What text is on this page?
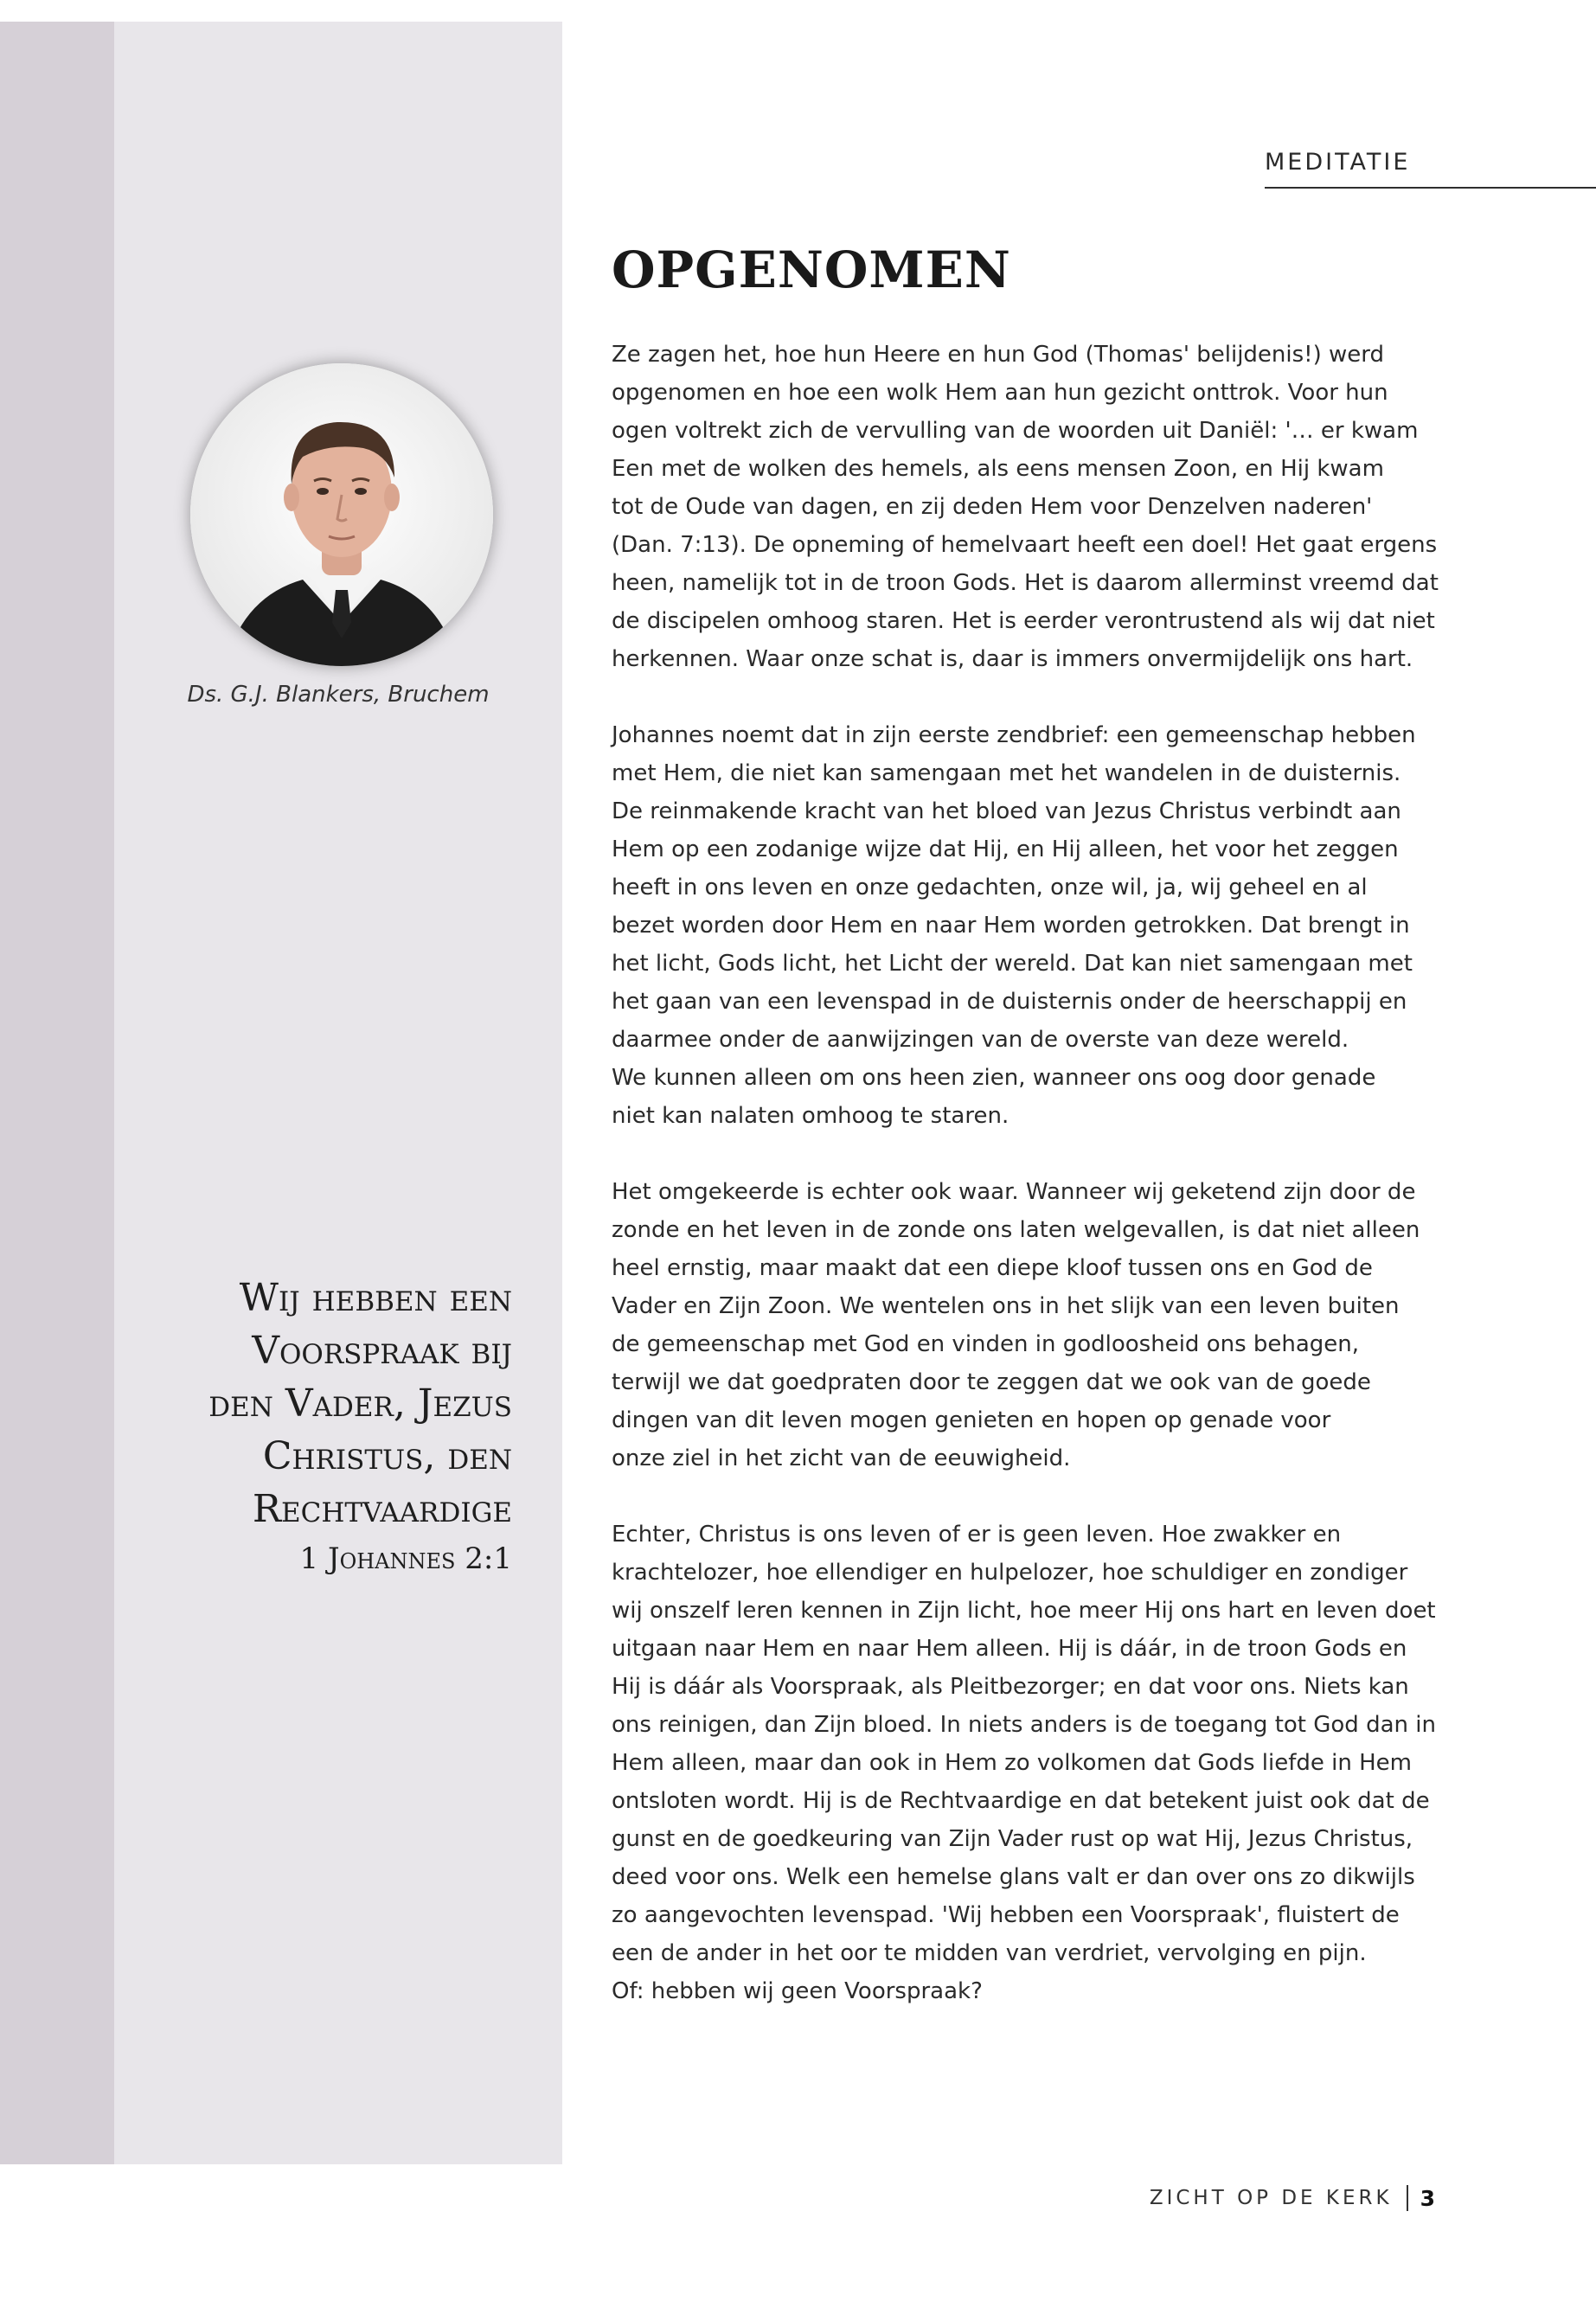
MEDITATIE
OPGENOMEN

Ze zagen het, hoe hun Heere en hun God (Thomas' belijdenis!) werd
opgenomen en hoe een wolk Hem aan hun gezicht onttrok. Voor hun
ogen voltrekt zich de vervulling van de woorden uit Daniël: '… er kwam
Een met de wolken des hemels, als eens mensen Zoon, en Hij kwam
tot de Oude van dagen, en zij deden Hem voor Denzelven naderen'
(Dan. 7:13). De opneming of hemelvaart heeft een doel! Het gaat ergens
heen, namelijk tot in de troon Gods. Het is daarom allerminst vreemd dat
de discipelen omhoog staren. Het is eerder verontrustend als wij dat niet
herkennen. Waar onze schat is, daar is immers onvermijdelijk ons hart.

Johannes noemt dat in zijn eerste zendbrief: een gemeenschap hebben
met Hem, die niet kan samengaan met het wandelen in de duisternis.
De reinmakende kracht van het bloed van Jezus Christus verbindt aan
Hem op een zodanige wijze dat Hij, en Hij alleen, het voor het zeggen
heeft in ons leven en onze gedachten, onze wil, ja, wij geheel en al
bezet worden door Hem en naar Hem worden getrokken. Dat brengt in
het licht, Gods licht, het Licht der wereld. Dat kan niet samengaan met
het gaan van een levenspad in de duisternis onder de heerschappij en
daarmee onder de aanwijzingen van de overste van deze wereld.
We kunnen alleen om ons heen zien, wanneer ons oog door genade
niet kan nalaten omhoog te staren.

Het omgekeerde is echter ook waar. Wanneer wij geketend zijn door de
zonde en het leven in de zonde ons laten welgevallen, is dat niet alleen
heel ernstig, maar maakt dat een diepe kloof tussen ons en God de
Vader en Zijn Zoon. We wentelen ons in het slijk van een leven buiten
de gemeenschap met God en vinden in godloosheid ons behagen,
terwijl we dat goedpraten door te zeggen dat we ook van de goede
dingen van dit leven mogen genieten en hopen op genade voor
onze ziel in het zicht van de eeuwigheid.

Echter, Christus is ons leven of er is geen leven. Hoe zwakker en
krachtelozer, hoe ellendiger en hulpelozer, hoe schuldiger en zondiger
wij onszelf leren kennen in Zijn licht, hoe meer Hij ons hart en leven doet
uitgaan naar Hem en naar Hem alleen. Hij is dáár, in de troon Gods en
Hij is dáár als Voorspraak, als Pleitbezorger; en dat voor ons. Niets kan
ons reinigen, dan Zijn bloed. In niets anders is de toegang tot God dan in
Hem alleen, maar dan ook in Hem zo volkomen dat Gods liefde in Hem
ontsloten wordt. Hij is de Rechtvaardige en dat betekent juist ook dat de
gunst en de goedkeuring van Zijn Vader rust op wat Hij, Jezus Christus,
deed voor ons. Welk een hemelse glans valt er dan over ons zo dikwijls
zo aangevochten levenspad. 'Wij hebben een Voorspraak', fluistert de
een de ander in het oor te midden van verdriet, vervolging en pijn.
Of: hebben wij geen Voorspraak?

Ds. G.J. Blankers, Bruchem
Wij hebben een
Voorspraak bij
den Vader, Jezus
Christus, den
Rechtvaardige
1 Johannes 2:1
ZICHT OP DE KERK 3
